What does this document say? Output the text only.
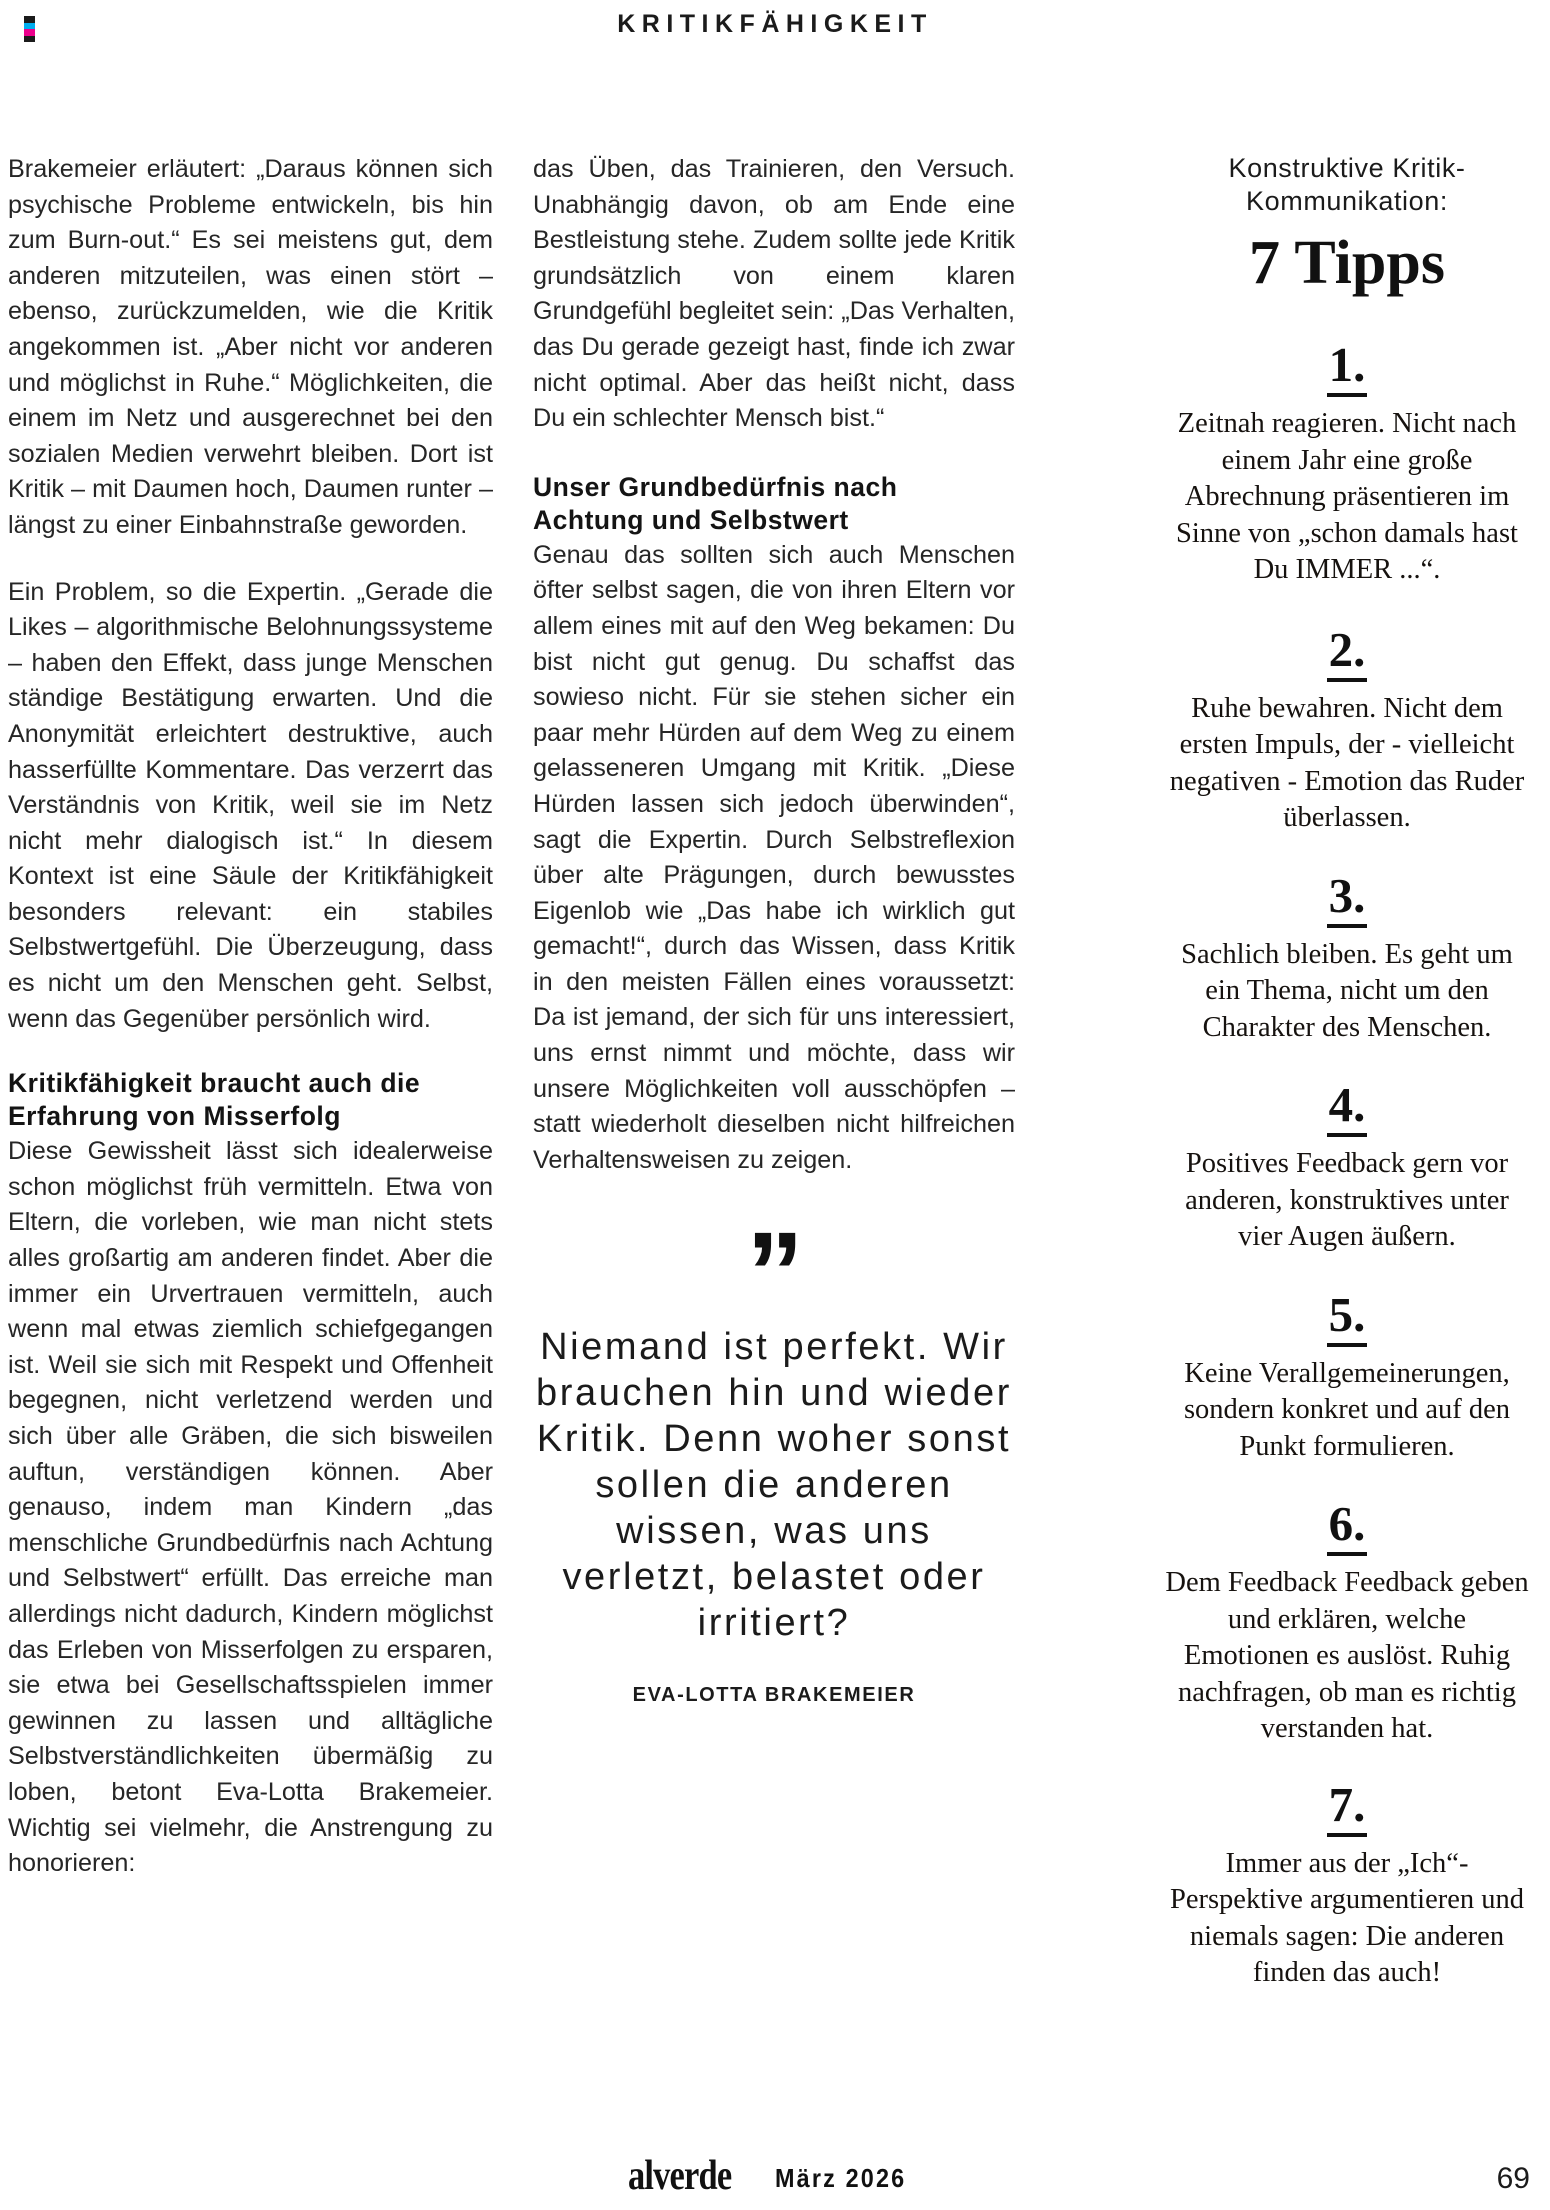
KRITIKFÄHIGKEIT

Brakemeier erläutert: „Daraus können sich psychische Probleme entwickeln, bis hin zum Burn-out.“ Es sei meistens gut, dem anderen mitzuteilen, was einen stört – ebenso, zurückzumelden, wie die Kritik angekommen ist. „Aber nicht vor anderen und möglichst in Ruhe.“ Möglichkeiten, die einem im Netz und ausgerechnet bei den sozialen Medien verwehrt bleiben. Dort ist Kritik – mit Daumen hoch, Daumen runter – längst zu einer Einbahnstraße geworden.

Ein Problem, so die Expertin. „Gerade die Likes – algorithmische Belohnungssysteme – haben den Effekt, dass junge Menschen ständige Bestätigung erwarten. Und die Anonymität erleichtert destruktive, auch hasserfüllte Kommentare. Das verzerrt das Verständnis von Kritik, weil sie im Netz nicht mehr dialogisch ist.“ In diesem Kontext ist eine Säule der Kritikfähigkeit besonders relevant: ein stabiles Selbstwertgefühl. Die Überzeugung, dass es nicht um den Menschen geht. Selbst, wenn das Gegenüber persönlich wird.

Kritikfähigkeit braucht auch die Erfahrung von Misserfolg

Diese Gewissheit lässt sich idealerweise schon möglichst früh vermitteln. Etwa von Eltern, die vorleben, wie man nicht stets alles großartig am anderen findet. Aber die immer ein Urvertrauen vermitteln, auch wenn mal etwas ziemlich schiefgegangen ist. Weil sie sich mit Respekt und Offenheit begegnen, nicht verletzend werden und sich über alle Gräben, die sich bisweilen auftun, verständigen können. Aber genauso, indem man Kindern „das menschliche Grundbedürfnis nach Achtung und Selbstwert“ erfüllt. Das erreiche man allerdings nicht dadurch, Kindern möglichst das Erleben von Misserfolgen zu ersparen, sie etwa bei Gesellschaftsspielen immer gewinnen zu lassen und alltägliche Selbstverständlichkeiten übermäßig zu loben, betont Eva-Lotta Brakemeier. Wichtig sei vielmehr, die Anstrengung zu honorieren:

das Üben, das Trainieren, den Versuch. Unabhängig davon, ob am Ende eine Bestleistung stehe. Zudem sollte jede Kritik grundsätzlich von einem klaren Grundgefühl begleitet sein: „Das Verhalten, das Du gerade gezeigt hast, finde ich zwar nicht optimal. Aber das heißt nicht, dass Du ein schlechter Mensch bist.“

Unser Grundbedürfnis nach Achtung und Selbstwert

Genau das sollten sich auch Menschen öfter selbst sagen, die von ihren Eltern vor allem eines mit auf den Weg bekamen: Du bist nicht gut genug. Du schaffst das sowieso nicht. Für sie stehen sicher ein paar mehr Hürden auf dem Weg zu einem gelasseneren Umgang mit Kritik. „Diese Hürden lassen sich jedoch überwinden“, sagt die Expertin. Durch Selbstreflexion über alte Prägungen, durch bewusstes Eigenlob wie „Das habe ich wirklich gut gemacht!“, durch das Wissen, dass Kritik in den meisten Fällen eines voraussetzt: Da ist jemand, der sich für uns interessiert, uns ernst nimmt und möchte, dass wir unsere Möglichkeiten voll ausschöpfen – statt wiederholt dieselben nicht hilfreichen Verhaltensweisen zu zeigen.

”

Niemand ist perfekt. Wir brauchen hin und wieder Kritik. Denn woher sonst sollen die anderen wissen, was uns verletzt, belastet oder irritiert?

EVA-LOTTA BRAKEMEIER

Konstruktive Kritik-Kommunikation:

7 Tipps
1.

Zeitnah reagieren. Nicht nach einem Jahr eine große Abrechnung präsentieren im Sinne von „schon damals hast Du IMMER ...“.

2.

Ruhe bewahren. Nicht dem ersten Impuls, der - vielleicht negativen - Emotion das Ruder überlassen.

3.

Sachlich bleiben. Es geht um ein Thema, nicht um den Charakter des Menschen.

4.

Positives Feedback gern vor anderen, konstruktives unter vier Augen äußern.

5.

Keine Verallgemeinerungen, sondern konkret und auf den Punkt formulieren.

6.

Dem Feedback Feedback geben und erklären, welche Emotionen es auslöst. Ruhig nachfragen, ob man es richtig verstanden hat.

7.

Immer aus der „Ich“-Perspektive argumentieren und niemals sagen: Die anderen finden das auch!

alverde März 2026	69
